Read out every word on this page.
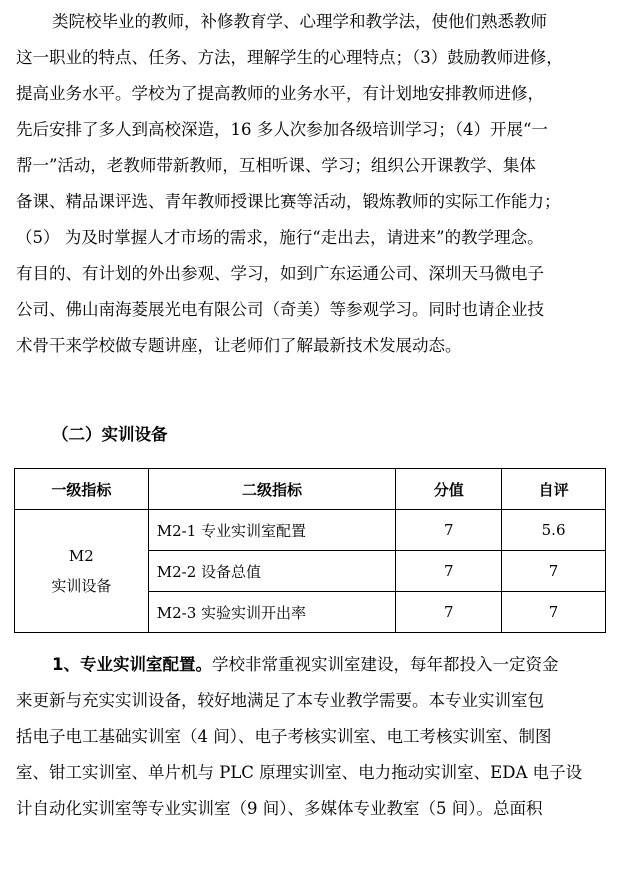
类院校毕业的教师，补修教育学、心理学和教学法，使他们熟悉教师
这一职业的特点、任务、方法，理解学生的心理特点；（3）鼓励教师进修，
提高业务水平。学校为了提高教师的业务水平，有计划地安排教师进修，
先后安排了多人到高校深造，16 多人次参加各级培训学习；（4）开展“一
帮一”活动，老教师带新教师，互相听课、学习；组织公开课教学、集体
备课、精品课评选、青年教师授课比赛等活动，锻炼教师的实际工作能力；
（5） 为及时掌握人才市场的需求，施行“走出去，请进来”的教学理念。
有目的、有计划的外出参观、学习，如到广东运通公司、深圳天马微电子
公司、佛山南海菱展光电有限公司（奇美）等参观学习。同时也请企业技
术骨干来学校做专题讲座，让老师们了解最新技术发展动态。
（二）实训设备
一级指标	二级指标	分值	自评

M2
实训设备	M2-1 专业实训室配置	7	5.6
	M2-2 设备总值	7	7
	M2-3 实验实训开出率	7	7
1、专业实训室配置。学校非常重视实训室建设，每年都投入一定资金
来更新与充实实训设备，较好地满足了本专业教学需要。本专业实训室包
括电子电工基础实训室（4 间）、电子考核实训室、电工考核实训室、制图
室、钳工实训室、单片机与 PLC 原理实训室、电力拖动实训室、EDA 电子设
计自动化实训室等专业实训室（9 间）、多媒体专业教室（5 间）。总面积
